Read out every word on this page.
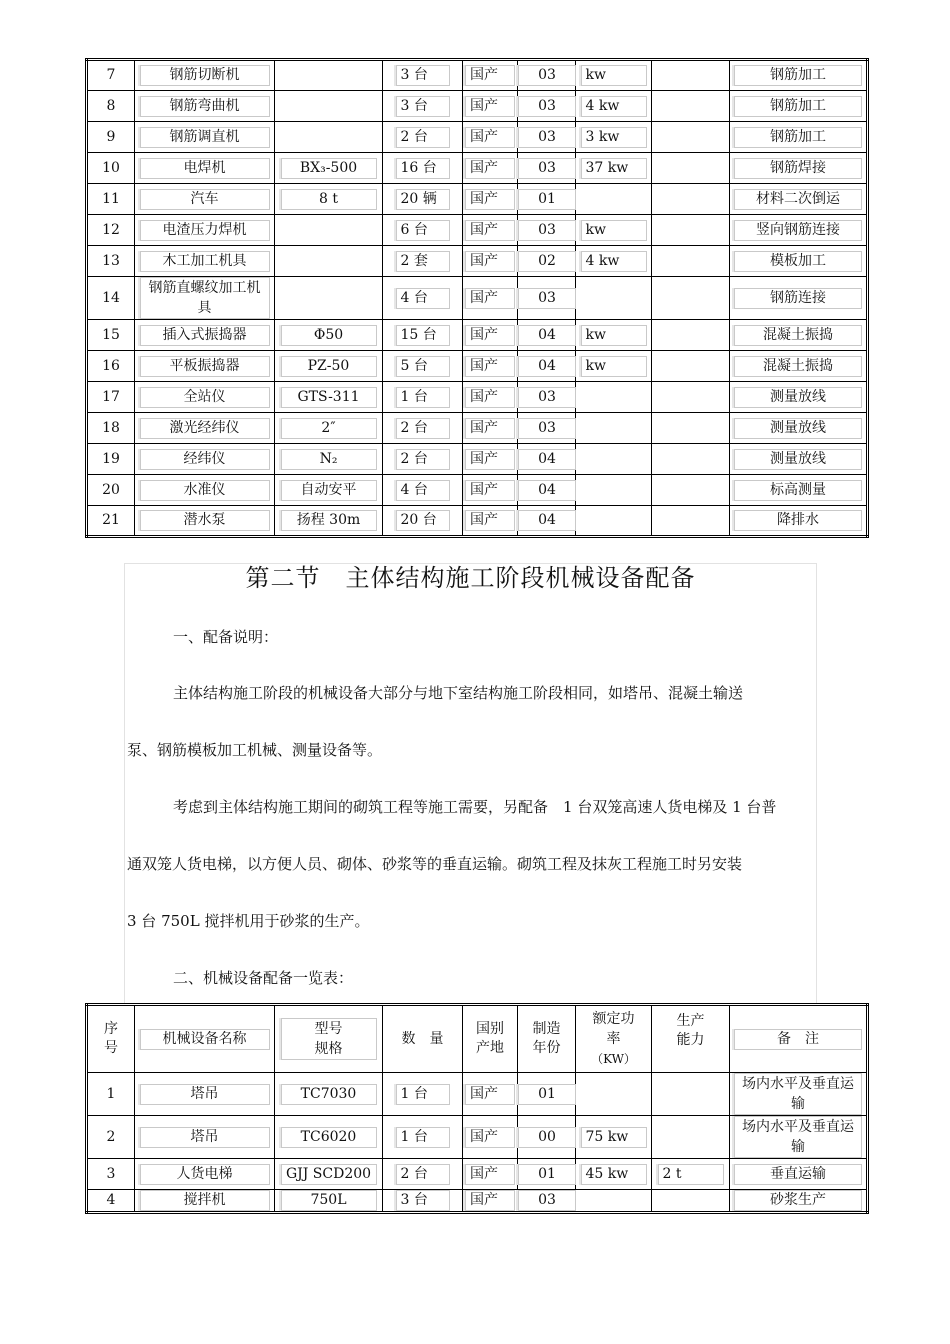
7	钢筋切断机		3 台	国产	03	kw		钢筋加工
8	钢筋弯曲机		3 台	国产	03	4 kw		钢筋加工
9	钢筋调直机		2 台	国产	03	3 kw		钢筋加工
10	电焊机	BX₃-500	16 台	国产	03	37 kw		钢筋焊接
11	汽车	8 t	20 辆	国产	01			材料二次倒运
12	电渣压力焊机		6 台	国产	03	kw		竖向钢筋连接
13	木工加工机具		2 套	国产	02	4 kw		模板加工
14	钢筋直螺纹加工机具		4 台	国产	03			钢筋连接
15	插入式振捣器	Φ50	15 台	国产	04	kw		混凝土振捣
16	平板振捣器	PZ-50	5 台	国产	04	kw		混凝土振捣
17	全站仪	GTS-311	1 台	国产	03			测量放线
18	激光经纬仪	2″	2 台	国产	03			测量放线
19	经纬仪	N₂	2 台	国产	04			测量放线
20	水准仪	自动安平	4 台	国产	04			标高测量
21	潜水泵	扬程 30m	20 台	国产	04			降排水
第二节　主体结构施工阶段机械设备配备
一、配备说明：
主体结构施工阶段的机械设备大部分与地下室结构施工阶段相同，如塔吊、混凝土输送
泵、钢筋模板加工机械、测量设备等。
考虑到主体结构施工期间的砌筑工程等施工需要，另配备　1 台双笼高速人货电梯及 1 台普
通双笼人货电梯，以方便人员、砌体、砂浆等的垂直运输。砌筑工程及抹灰工程施工时另安装
3 台 750L 搅拌机用于砂浆的生产。
二、机械设备配备一览表：
序
号	机械设备名称	型号
规格	数　量	国别
产地	制造
年份	额定功
率
（KW）	生产
能力	备　注
1	塔吊	TC7030	1 台	国产	01			场内水平及垂直运输
2	塔吊	TC6020	1 台	国产	00	75 kw		场内水平及垂直运输
3	人货电梯	GJJ SCD200	2 台	国产	01	45 kw	2 t	垂直运输
4	搅拌机	750L	3 台	国产	03			砂浆生产
